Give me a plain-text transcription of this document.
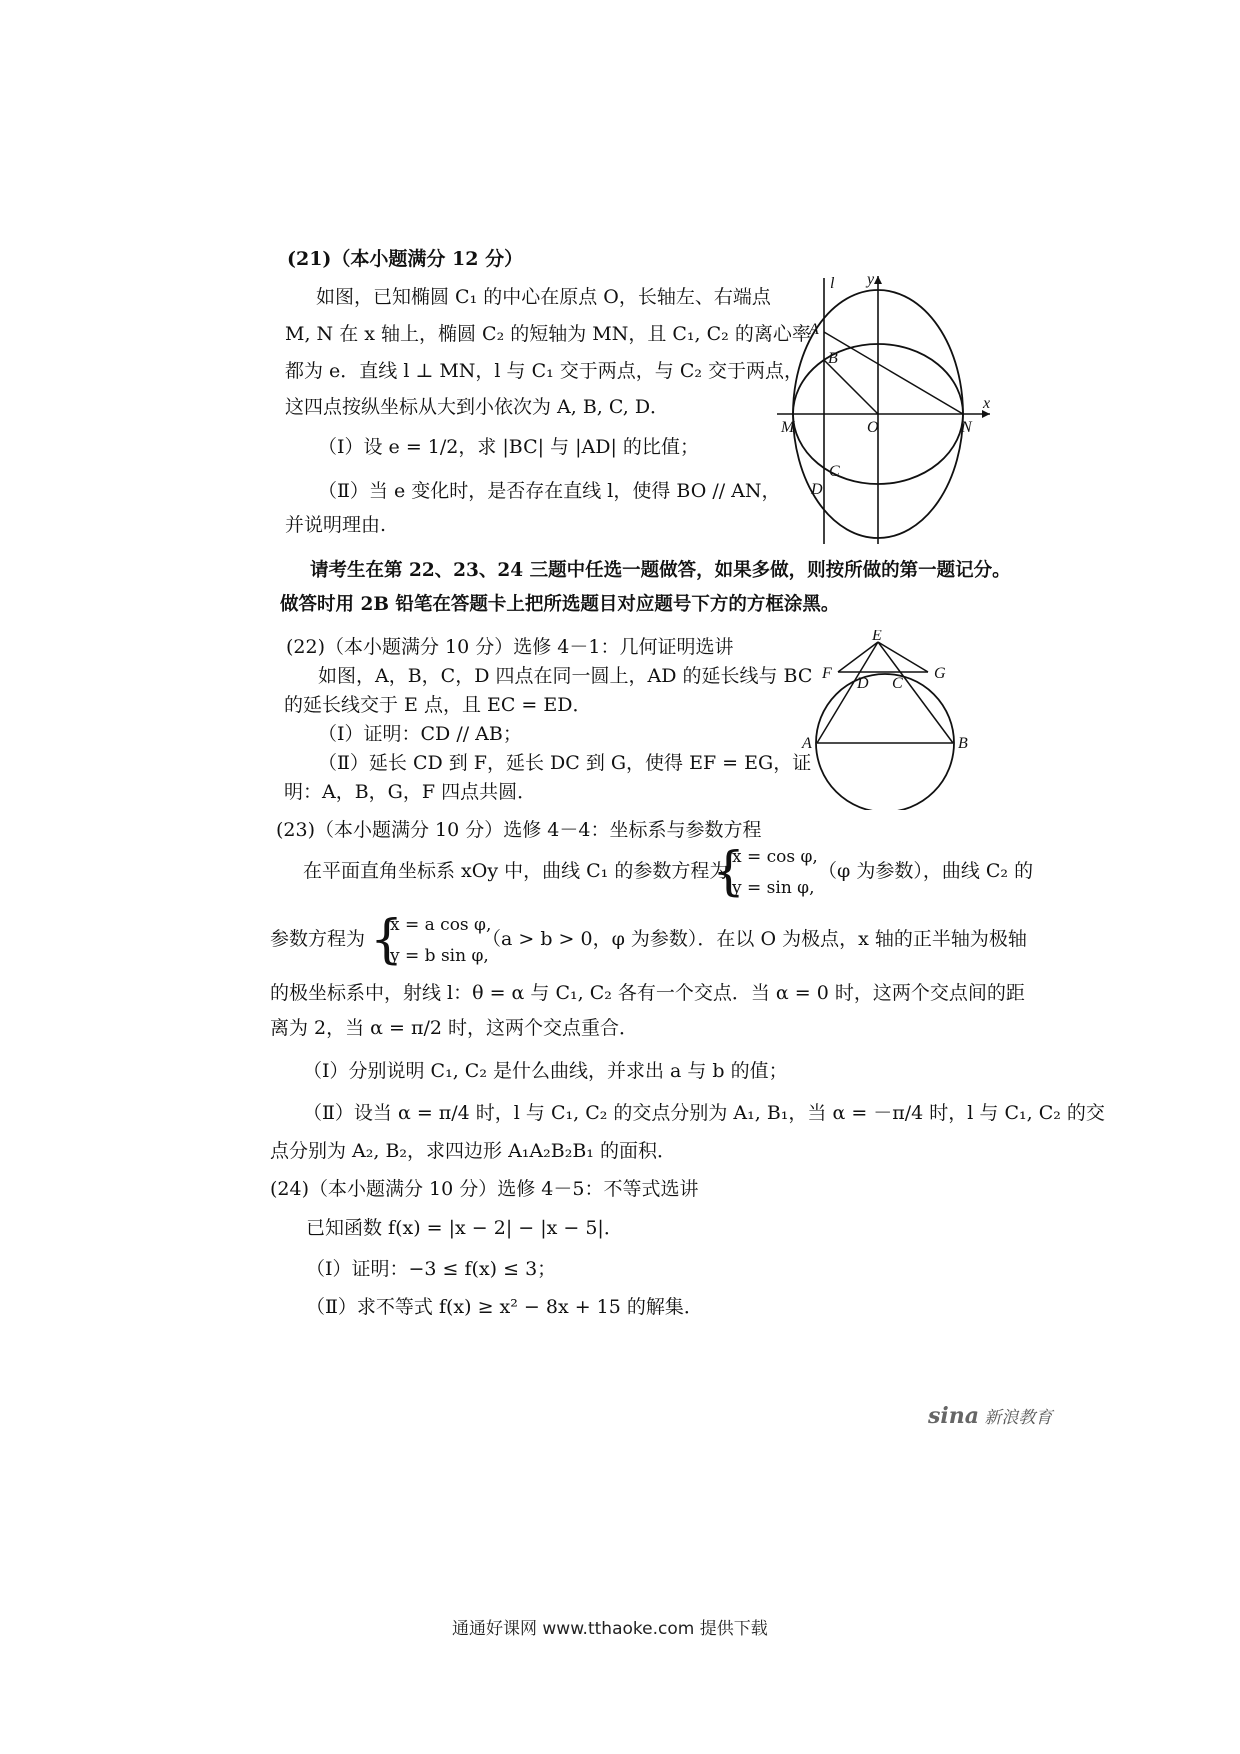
(21)（本小题满分 12 分）
如图，已知椭圆 C₁ 的中心在原点 O，长轴左、右端点
M, N 在 x 轴上，椭圆 C₂ 的短轴为 MN，且 C₁, C₂ 的离心率
都为 e．直线 l ⊥ MN，l 与 C₁ 交于两点，与 C₂ 交于两点，
这四点按纵坐标从大到小依次为 A, B, C, D．
（Ⅰ）设 e = 1/2，求 |BC| 与 |AD| 的比值；
（Ⅱ）当 e 变化时，是否存在直线 l，使得 BO // AN，
并说明理由.
l y
x
A
B
M	O	N
C
D
请考生在第 22、23、24 三题中任选一题做答，如果多做，则按所做的第一题记分。
做答时用 2B 铅笔在答题卡上把所选题目对应题号下方的方框涂黑。
(22)（本小题满分 10 分）选修 4－1：几何证明选讲
如图，A，B，C，D 四点在同一圆上，AD 的延长线与 BC
的延长线交于 E 点，且 EC = ED．
（Ⅰ）证明：CD // AB；
（Ⅱ）延长 CD 到 F，延长 DC 到 G，使得 EF = EG，证
明：A，B，G，F 四点共圆．
E
F
D C
G
A	B
(23)（本小题满分 10 分）选修 4－4：坐标系与参数方程
在平面直角坐标系 xOy 中，曲线 C₁ 的参数方程为
{
x = cos φ,
y = sin φ,
（φ 为参数），曲线 C₂ 的
参数方程为 {
x = a cos φ,
y = b sin φ,
（a > b > 0，φ 为参数）．在以 O 为极点，x 轴的正半轴为极轴
的极坐标系中，射线 l：θ = α 与 C₁, C₂ 各有一个交点．当 α = 0 时，这两个交点间的距
离为 2，当 α = π/2 时，这两个交点重合．
（Ⅰ）分别说明 C₁, C₂ 是什么曲线，并求出 a 与 b 的值；
（Ⅱ）设当 α = π/4 时，l 与 C₁, C₂ 的交点分别为 A₁, B₁，当 α = －π/4 时，l 与 C₁, C₂ 的交
点分别为 A₂, B₂，求四边形 A₁A₂B₂B₁ 的面积．
(24)（本小题满分 10 分）选修 4－5：不等式选讲
已知函数 f(x) = |x − 2| − |x − 5|．
（Ⅰ）证明：−3 ≤ f(x) ≤ 3；
（Ⅱ）求不等式 f(x) ≥ x² − 8x + 15 的解集．
sina 新浪教育
通通好课网 www.tthaoke.com 提供下载
